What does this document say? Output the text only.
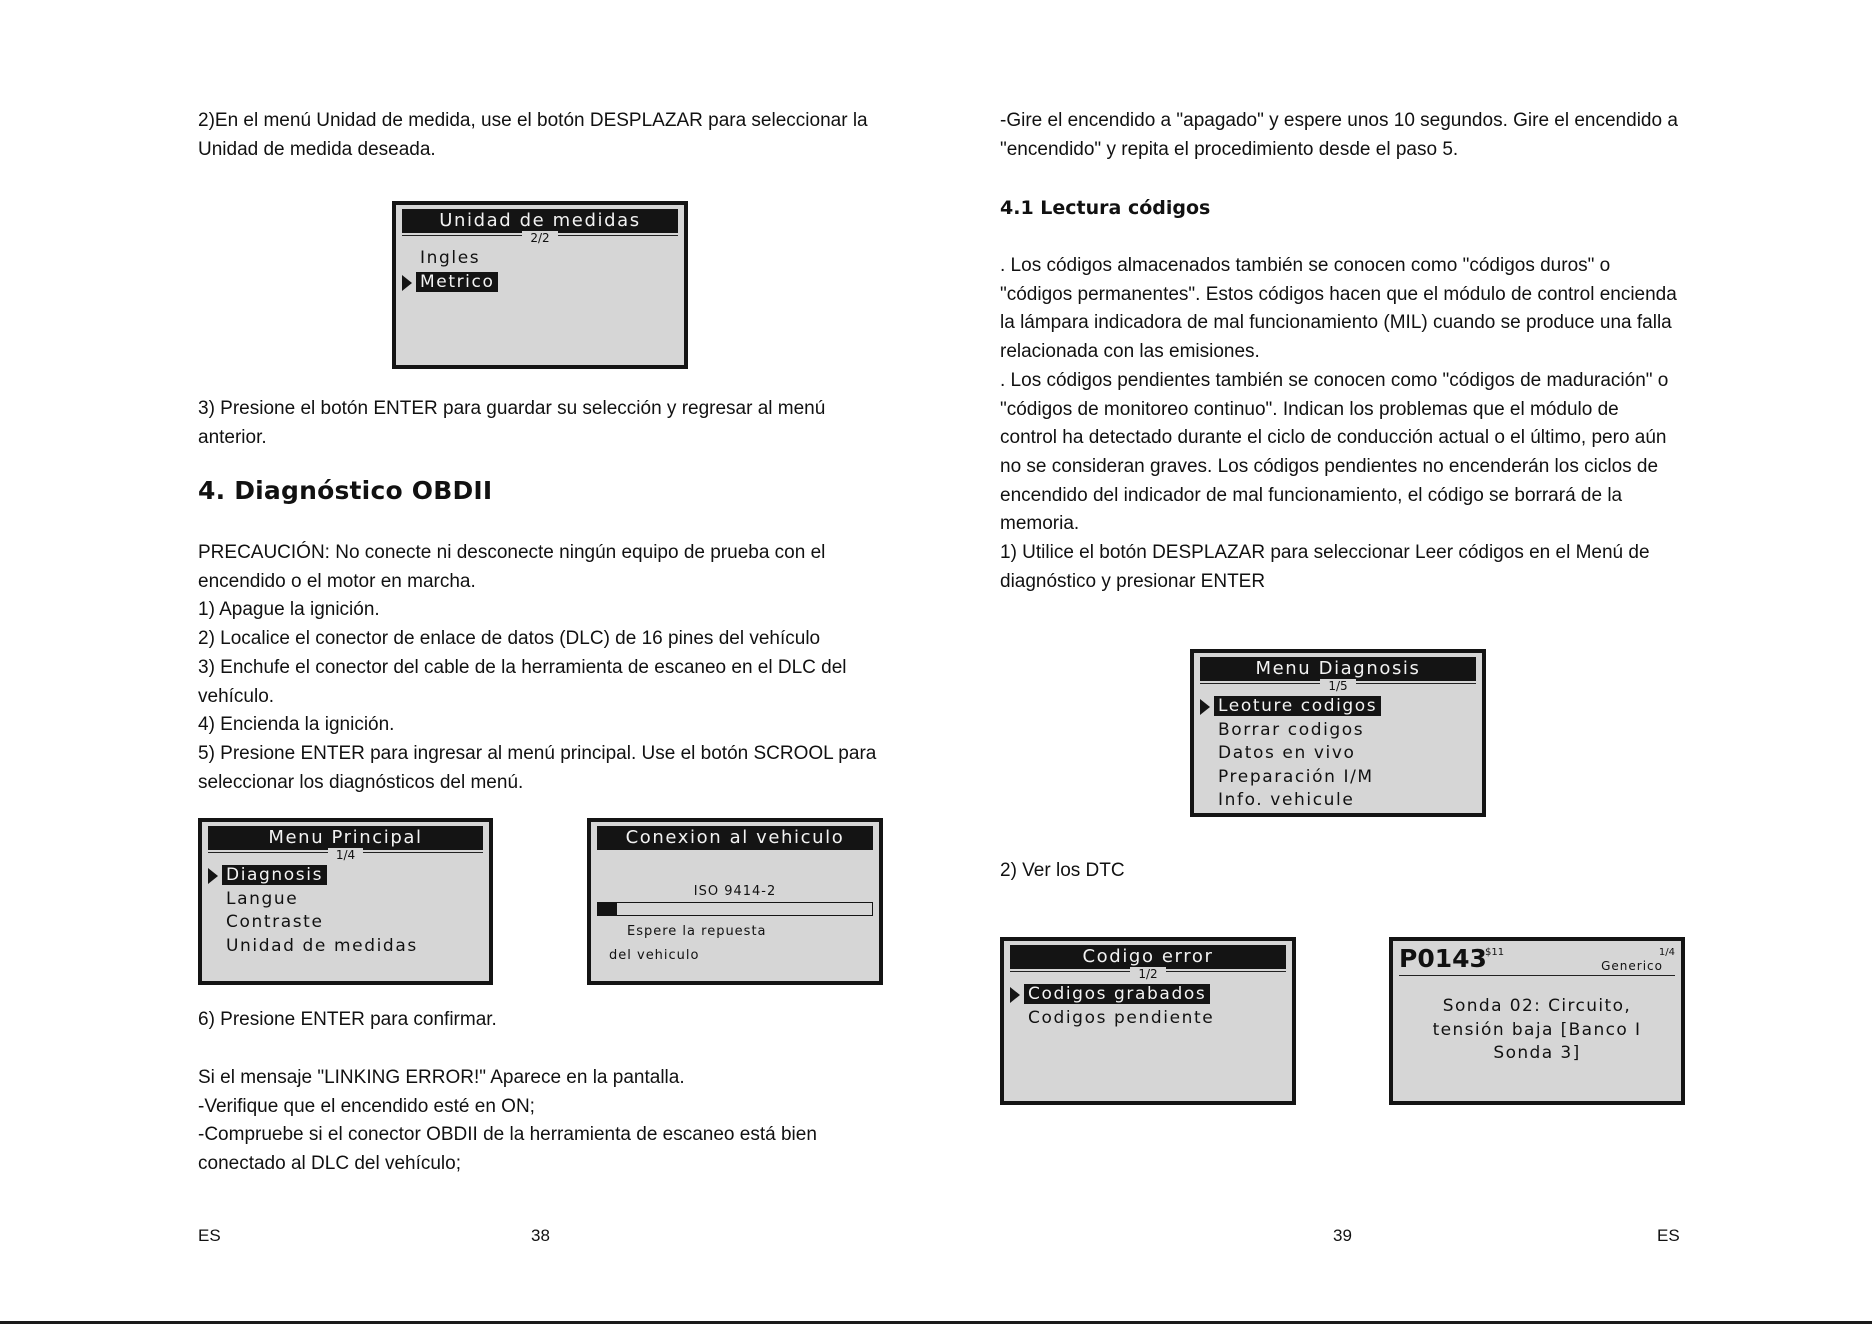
2)En el menú Unidad de medida, use el botón DESPLAZAR para seleccionar la
Unidad de medida deseada.

Unidad de medidas
$^{2/2}$
Ingles
Metrico

3) Presione el botón ENTER para guardar su selección y regresar al menú
anterior.

4. Diagnóstico OBDII

PRECAUCIÓN: No conecte ni desconecte ningún equipo de prueba con el
encendido o el motor en marcha.
1) Apague la ignición.
2) Localice el conector de enlace de datos (DLC) de 16 pines del vehículo
3) Enchufe el conector del cable de la herramienta de escaneo en el DLC del
vehículo.
4) Encienda la ignición.
5) Presione ENTER para ingresar al menú principal. Use el botón SCROOL para
seleccionar los diagnósticos del menú.

Menu Principal
$^{1/4}$
Diagnosis
Langue
Contraste
Unidad de medidas
Conexion al vehiculo
ISO 9414-2
Espere la repuesta
del vehiculo

6) Presione ENTER para confirmar.

Si el mensaje "LINKING ERROR!" Aparece en la pantalla.
-Verifique que el encendido esté en ON;
-Compruebe si el conector OBDII de la herramienta de escaneo está bien
conectado al DLC del vehículo;

ES	38

-Gire el encendido a "apagado" y espere unos 10 segundos. Gire el encendido a
"encendido" y repita el procedimiento desde el paso 5.

4.1 Lectura códigos

. Los códigos almacenados también se conocen como "códigos duros" o
"códigos permanentes". Estos códigos hacen que el módulo de control encienda
la lámpara indicadora de mal funcionamiento (MIL) cuando se produce una falla
relacionada con las emisiones.
. Los códigos pendientes también se conocen como "códigos de maduración" o
"códigos de monitoreo continuo". Indican los problemas que el módulo de
control ha detectado durante el ciclo de conducción actual o el último, pero aún
no se consideran graves. Los códigos pendientes no encenderán los ciclos de
encendido del indicador de mal funcionamiento, el código se borrará de la
memoria.
1) Utilice el botón DESPLAZAR para seleccionar Leer códigos en el Menú de
diagnóstico y presionar ENTER

Menu Diagnosis
$^{1/5}$
Leoture codigos
Borrar codigos
Datos en vivo
Preparación I/M
Info. vehicule

2) Ver los DTC

Codigo error
$^{1/2}$
Codigos grabados
Codigos pendiente
P0143
$11	1/4
Generico
Sonda 02: Circuito,
tensión baja [Banco I
Sonda 3]
39	ES
